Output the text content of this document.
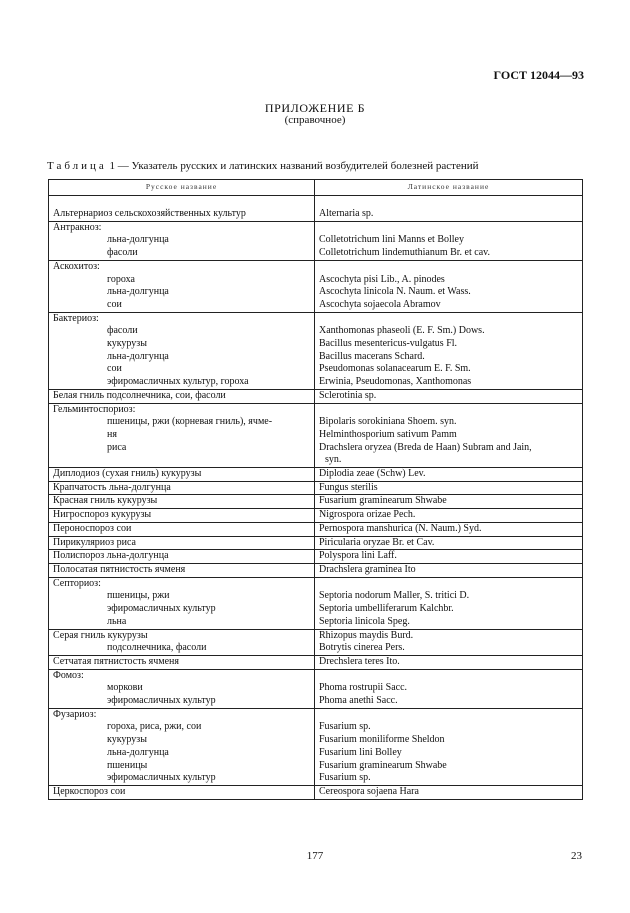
ГОСТ 12044—93
ПРИЛОЖЕНИЕ Б
(справочное)
Таблица 1 — Указатель русских и латинских названий возбудителей болезней растений
Русское название	Латинское название

Альтернариоз сельскохозяйственных культур	Alternaria sp.
Антракноз:	
льна-долгунца	Colletotrichum lini Manns et Bolley
фасоли	Colletotrichum lindemuthianum Br. et cav.
Аскохитоз:	
гороха	Ascochyta pisi Lib., A. pinodes
льна-долгунца	Ascochyta linicola N. Naum. et Wass.
сои	Ascochyta sojaecola Abramov
Бактериоз:	
фасоли	Xanthomonas phaseoli (E. F. Sm.) Dows.
кукурузы	Bacillus mesentericus-vulgatus Fl.
льна-долгунца	Bacillus macerans Schard.
сои	Pseudomonas solanacearum E. F. Sm.
эфиромасличных культур, гороха	Erwinia, Pseudomonas, Xanthomonas
Белая гниль подсолнечника, сои, фасоли	Sclerotinia sp.
Гельминтоспориоз:	
пшеницы, ржи (корневая гниль), ячме-	Bipolaris sorokiniana Shoem. syn.
ня	Helminthosporium sativum Pamm
риса	Drachslera oryzea (Breda de Haan) Subram and Jain,
	syn.
Диплодиоз (сухая гниль) кукурузы	Diplodia zeae (Schw) Lev.
Крапчатость льна-долгунца	Fungus sterilis
Красная гниль кукурузы	Fusarium graminearum Shwabe
Нигроспороз кукурузы	Nigrospora orizae Pech.
Пероноспороз сои	Pernospora manshurica (N. Naum.) Syd.
Пирикуляриоз риса	Piricularia oryzae Br. et Cav.
Полиспороз льна-долгунца	Polyspora lini Laff.
Полосатая пятнистость ячменя	Drachslera graminea Ito
Септориоз:	
пшеницы, ржи	Septoria nodorum Maller, S. tritici D.
эфиромасличных культур	Septoria umbelliferarum Kalchbr.
льна	Septoria linicola Speg.
Серая гниль кукурузы	Rhizopus maydis Burd.
подсолнечника, фасоли	Botrytis cinerea Pers.
Сетчатая пятнистость ячменя	Drechslera teres Ito.
Фомоз:	
моркови	Phoma rostrupii Sacc.
эфиромасличных культур	Phoma anethi Sacc.
Фузариоз:	
гороха, риса, ржи, сои	Fusarium sp.
кукурузы	Fusarium moniliforme Sheldon
льна-долгунца	Fusarium lini Bolley
пшеницы	Fusarium graminearum Shwabe
эфиромасличных культур	Fusarium sp.
Церкоспороз сои	Cereospora sojaena Hara
177	23
